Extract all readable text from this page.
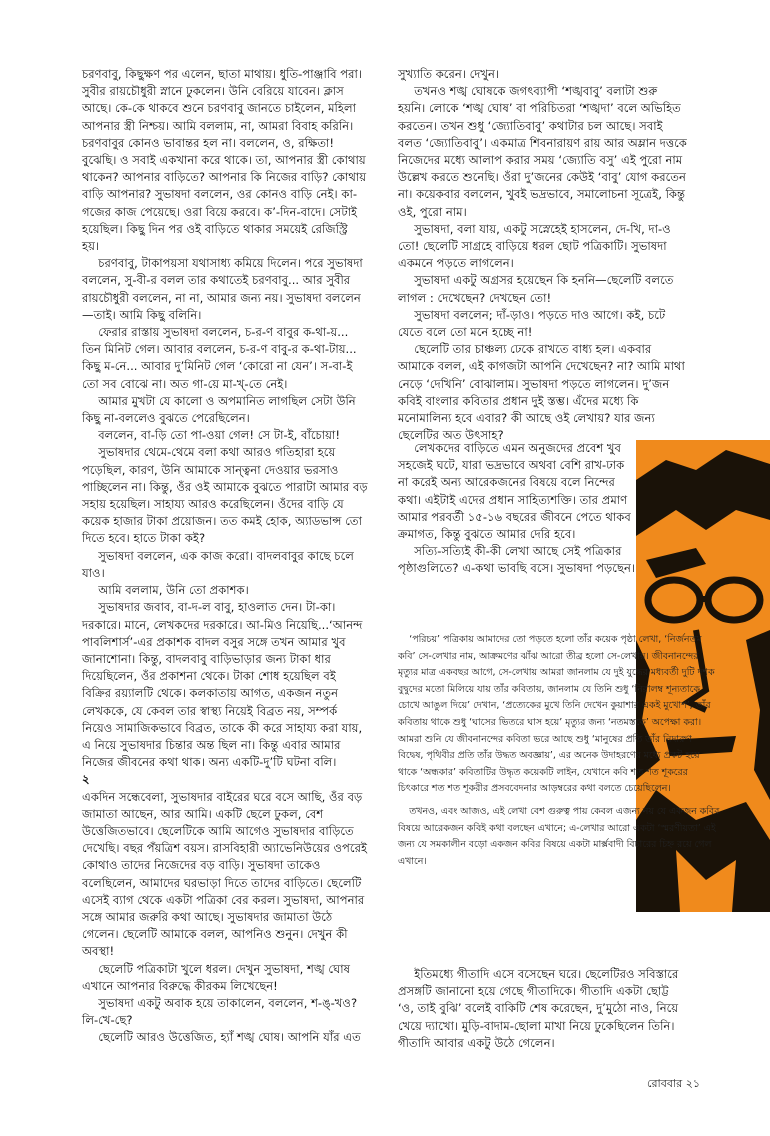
চরণবাবু, কিছুক্ষণ পর এলেন, ছাতা মাথায়। ধুতি-পাঞ্জাবি পরা। সুবীর রায়চৌধুরী স্নানে ঢুকলেন। উনি বেরিয়ে যাবেন। ক্লাস আছে। কে-কে থাকবে শুনে চরণবাবু জানতে চাইলেন, মহিলা আপনার স্ত্রী নিশ্চয়। আমি বললাম, না, আমরা বিবাহ করিনি। চরণবাবুর কোনও ভাবান্তর হল না। বললেন, ও, রক্ষিতা! বুঝেছি। ও সবাই একখানা করে থাকে। তা, আপনার স্ত্রী কোথায় থাকেন? আপনার বাড়িতে? আপনার কি নিজের বাড়ি? কোথায় বাড়ি আপনার? সুভাষদা বললেন, ওর কোনও বাড়ি নেই। কা-গজের কাজ পেয়েছে। ওরা বিয়ে করবে। ক’-দিন-বাদে। সেটাই হয়েছিল। কিছু দিন পর ওই বাড়িতে থাকার সময়েই রেজিস্ট্রি হয়।

চরণবাবু, টাকাপয়সা যথাসাধ্য কমিয়ে দিলেন। পরে সুভাষদা বললেন, সু-বী-র বলল তার কথাতেই চরণবাবু... আর সুবীর রায়চৌধুরী বললেন, না না, আমার জন্য নয়। সুভাষদা বললেন—তাই। আমি কিছু বলিনি।

ফেরার রাস্তায় সুভাষদা বললেন, চ-র-ণ বাবুর ক-থা-য়... তিন মিনিট গেল। আবার বললেন, চ-র-ণ বাবু-র ক-থা-টায়... কিছু ম-নে... আবার দু’মিনিট গেল ‘কোরো না যেন’। স-বা-ই তো সব বোঝে না। অত গা-য়ে মা-খ্-তে নেই।

আমার মুখটা যে কালো ও অপমানিত লাগছিল সেটা উনি কিছু না-বললেও বুঝতে পেরেছিলেন।

বললেন, বা-ড়ি তো পা-ওয়া গেল! সে টা-ই, বাঁচোয়া!

সুভাষদার থেমে-থেমে বলা কথা আরও গতিহারা হয়ে পড়েছিল, কারণ, উনি আমাকে সান্ত্বনা দেওয়ার ভরসাও পাচ্ছিলেন না। কিন্তু, ওঁর ওই আমাকে বুঝতে পারাটা আমার বড় সহায় হয়েছিল। সাহায্য আরও করেছিলেন। ওঁদের বাড়ি যে কয়েক হাজার টাকা প্রয়োজন। তত কমই হোক, অ্যাডভান্স তো দিতে হবে। হাতে টাকা কই?

সুভাষদা বললেন, এক কাজ করো। বাদলবাবুর কাছে চলে যাও।

আমি বললাম, উনি তো প্রকাশক।

সুভাষদার জবাব, বা-দ-ল বাবু, হাওলাত দেন। টা-কা। দরকারে। মানে, লেখকদের দরকারে। আ-মিও নিয়েছি...‘আনন্দ পাবলিশার্স’-এর প্রকাশক বাদল বসুর সঙ্গে তখন আমার খুব জানাশোনা। কিন্তু, বাদলবাবু বাড়িভাড়ার জন্য টাকা ধার দিয়েছিলেন, ওঁর প্রকাশনা থেকে। টাকা শোধ হয়েছিল বই বিক্রির রয়্যালটি থেকে। কলকাতায় আগত, একজন নতুন লেখককে, যে কেবল তার স্বাস্থ্য নিয়েই বিব্রত নয়, সম্পর্ক নিয়েও সামাজিকভাবে বিব্রত, তাকে কী করে সাহায্য করা যায়, এ নিয়ে সুভাষদার চিন্তার অন্ত ছিল না। কিন্তু এবার আমার নিজের জীবনের কথা থাক। অন্য একটি-দু’টি ঘটনা বলি।

২

একদিন সন্ধেবেলা, সুভাষদার বাইরের ঘরে বসে আছি, ওঁর বড় জামাতা আছেন, আর আমি। একটি ছেলে ঢুকল, বেশ উত্তেজিতভাবে। ছেলেটিকে আমি আগেও সুভাষদার বাড়িতে দেখেছি। বছর পঁয়ত্রিশ বয়স। রাসবিহারী অ্যাভেনিউয়ের ওপরেই কোথাও তাদের নিজেদের বড় বাড়ি। সুভাষদা তাকেও বলেছিলেন, আমাদের ঘরভাড়া দিতে তাদের বাড়িতে। ছেলেটি এসেই ব্যাগ থেকে একটা পত্রিকা বের করল। সুভাষদা, আপনার সঙ্গে আমার জরুরি কথা আছে। সুভাষদার জামাতা উঠে গেলেন। ছেলেটি আমাকে বলল, আপনিও শুনুন। দেখুন কী অবস্থা!

ছেলেটি পত্রিকাটা খুলে ধরল। দেখুন সুভাষদা, শঙ্খ ঘোষ এখানে আপনার বিরুদ্ধে কীরকম লিখেছেন!

সুভাষদা একটু অবাক হয়ে তাকালেন, বললেন, শ-ঙ্-খও? লি-খে-ছে?

ছেলেটি আরও উত্তেজিত, হ্যাঁ শঙ্খ ঘোষ। আপনি যাঁর এত

সুখ্যাতি করেন। দেখুন।

তখনও শঙ্খ ঘোষকে জগৎব্যাপী ‘শঙ্খবাবু’ বলাটা শুরু হয়নি। লোকে ‘শঙ্খ ঘোষ’ বা পরিচিতরা ‘শঙ্খদা’ বলে অভিহিত করতেন। তখন শুধু ‘জ্যোতিবাবু’ কথাটার চল আছে। সবাই বলত ‘জ্যোতিবাবু’। একমাত্র শিবনারায়ণ রায় আর অম্লান দত্তকে নিজেদের মধ্যে আলাপ করার সময় ‘জ্যোতি বসু’ এই পুরো নাম উল্লেখ করতে শুনেছি। ওঁরা দু’জনের কেউই ‘বাবু’ যোগ করতেন না। কয়েকবার বললেন, খুবই ভদ্রভাবে, সমালোচনা সূত্রেই, কিন্তু ওই, পুরো নাম।

সুভাষদা, বলা যায়, একটু সস্নেহেই হাসলেন, দে-খি, দা-ও তো! ছেলেটি সাগ্রহে বাড়িয়ে ধরল ছোট পত্রিকাটি। সুভাষদা একমনে পড়তে লাগলেন।

সুভাষদা একটু অগ্রসর হয়েছেন কি হননি—ছেলেটি বলতে লাগল : দেখেছেন? দেখছেন তো!

সুভাষদা বললেন; দাঁ-ড়াও। পড়তে দাও আগে। কই, চটে যেতে বলে তো মনে হচ্ছে না!

ছেলেটি তার চাঞ্চল্য ঢেকে রাখতে বাধ্য হল। একবার আমাকে বলল, এই কাগজটা আপনি দেখেছেন? না? আমি মাথা নেড়ে ‘দেখিনি’ বোঝালাম। সুভাষদা পড়তে লাগলেন। দু’জন কবিই বাংলার কবিতার প্রধান দুই স্তম্ভ। এঁদের মধ্যে কি মনোমালিন্য হবে এবার? কী আছে ওই লেখায়? যার জন্য ছেলেটির অত উৎসাহ?

লেখকদের বাড়িতে এমন অনুজদের প্রবেশ খুব সহজেই ঘটে, যারা ভদ্রভাবে অথবা বেশি রাখ-ঢাক না করেই অন্য আরেকজনের বিষয়ে বলে নিন্দের কথা। এইটাই এদের প্রধান সাহিত্যশক্তি। তার প্রমাণ আমার পরবর্তী ১৫-১৬ বছরের জীবনে পেতে থাকব ক্রমাগত, কিন্তু বুঝতে আমার দেরি হবে।

সত্যি-সত্যিই কী-কী লেখা আছে সেই পত্রিকার পৃষ্ঠাগুলিতে? এ-কথা ভাবছি বসে। সুভাষদা পড়ছেন।

‘পরিচয়’ পত্রিকায় আমাদের তো পড়তে হলো তাঁর কয়েক পৃষ্ঠা লেখা, ‘নির্জনতম কবি’ সে-লেখার নাম, আক্রমণের ঝাঁঝ আরো তীব্র হলো সে-লেখায়। জীবনানন্দের মৃত্যুর মাত্র একবছর আগে, সে-লেখায় আমরা জানলাম যে দুই যুদ্ধের মধ্যবর্তী দুটি দশক বুদ্বুদের মতো মিলিয়ে যায় তাঁর কবিতায়, জানলাম যে তিনি শুধু ‘নিরালম্ব শূন্যতাকে চোখে আঙুল দিয়ে’ দেখান, ‘প্রত্যেকের মুখে তিনি দেখেন কুয়াশার একই মুখোশ’, তাঁর কবিতায় থাকে শুধু ‘ঘাসের ভিতরে ঘাস হয়ে’ মৃত্যুর জন্য ‘নতমস্তকে’ অপেক্ষা করা। আমরা শুনি যে জীবনানন্দের কবিতা ভরে আছে শুধু ‘মানুষের প্রতি তাঁর নিদারুণ বিদ্বেষ, পৃথিবীর প্রতি তাঁর উদ্ধত অবজ্ঞায়’, এর অনেক উদাহরণের মধ্যে প্রকট হয়ে থাকে ‘অন্ধকার’ কবিতাটির উদ্ধৃত কয়েকটি লাইন, যেখানে কবি শত শত শূকরের চিৎকারে শত শত শূকরীর প্রসববেদনার আড়ম্বরের কথা বলতে চেয়েছিলেন।

তখনও, এবং আজও, এই লেখা বেশ গুরুত্ব পায় কেবল এজন্য নয় যে একজন কবির বিষয়ে আরেকজন কবিই কথা বলছেন এখানে; এ-লেখার আরো একটা ‘স্মরণীয়তা’ এই জন্য যে সমকালীন বড়ো একজন কবির বিষয়ে একটা মার্ক্সবাদী বিচারের চিহ্ন রয়ে গেল এখানে।

ইতিমধ্যে গীতাদি এসে বসেছেন ঘরে। ছেলেটিরও সবিস্তারে প্রসঙ্গটি জানানো হয়ে গেছে গীতাদিকে। গীতাদি একটা ছোট্ট ‘ও, তাই বুঝি’ বলেই বাকিটি শেষ করেছেন, দু’মুঠো নাও, নিয়ে খেয়ে দ্যাখো। মুড়ি-বাদাম-ছোলা মাখা নিয়ে ঢুকেছিলেন তিনি। গীতাদি আবার একটু উঠে গেলেন।

রোববার ২১
